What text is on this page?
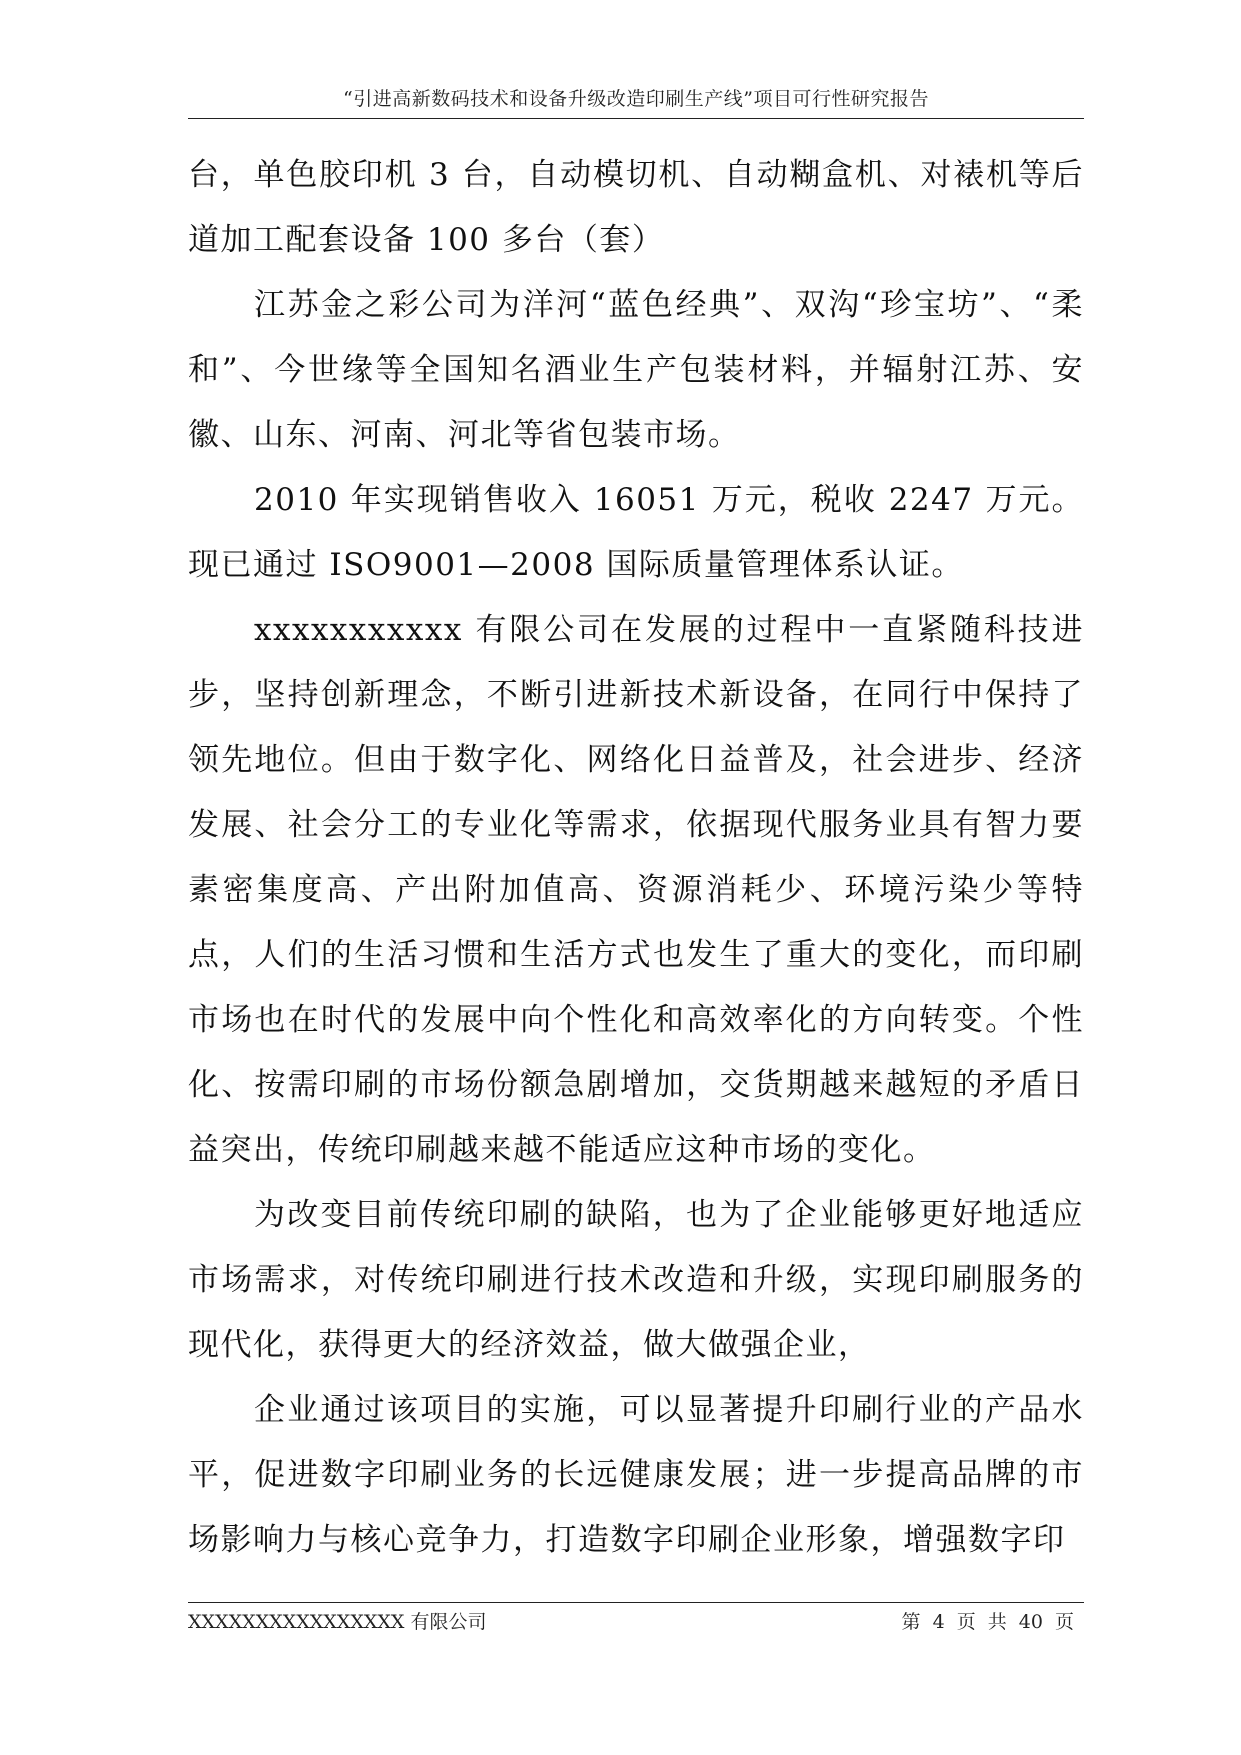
“引进高新数码技术和设备升级改造印刷生产线”项目可行性研究报告

台，单色胶印机 3 台，自动模切机、自动糊盒机、对裱机等后道加工配套设备 100 多台（套）

江苏金之彩公司为洋河“蓝色经典”、双沟“珍宝坊”、“柔和”、今世缘等全国知名酒业生产包装材料，并辐射江苏、安徽、山东、河南、河北等省包装市场。

2010 年实现销售收入 16051 万元，税收 2247 万元。现已通过 ISO9001—2008 国际质量管理体系认证。

xxxxxxxxxxx 有限公司在发展的过程中一直紧随科技进步，坚持创新理念，不断引进新技术新设备，在同行中保持了领先地位。但由于数字化、网络化日益普及，社会进步、经济发展、社会分工的专业化等需求，依据现代服务业具有智力要素密集度高、产出附加值高、资源消耗少、环境污染少等特点，人们的生活习惯和生活方式也发生了重大的变化，而印刷市场也在时代的发展中向个性化和高效率化的方向转变。个性化、按需印刷的市场份额急剧增加，交货期越来越短的矛盾日益突出，传统印刷越来越不能适应这种市场的变化。

为改变目前传统印刷的缺陷，也为了企业能够更好地适应市场需求，对传统印刷进行技术改造和升级，实现印刷服务的现代化，获得更大的经济效益，做大做强企业，

企业通过该项目的实施，可以显著提升印刷行业的产品水平，促进数字印刷业务的长远健康发展；进一步提高品牌的市场影响力与核心竞争力，打造数字印刷企业形象，增强数字印

XXXXXXXXXXXXXXXX 有限公司	第 4 页 共 40 页
